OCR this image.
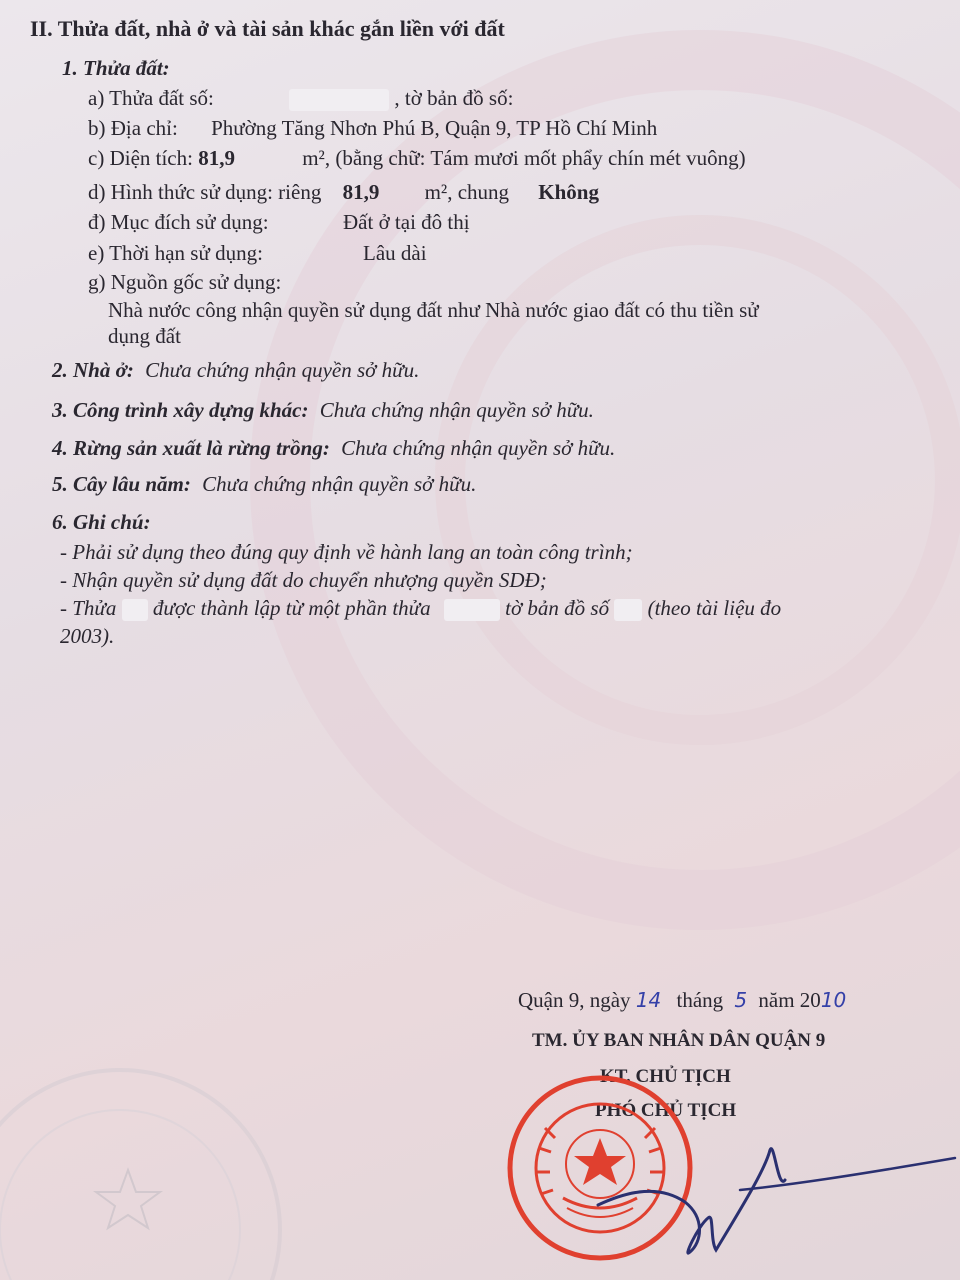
II. Thửa đất, nhà ở và tài sản khác gắn liền với đất
1. Thửa đất:
a) Thửa đất số:	, tờ bản đồ số:
b) Địa chỉ: Phường Tăng Nhơn Phú B, Quận 9, TP Hồ Chí Minh
c) Diện tích: 81,9	m², (bằng chữ: Tám mươi mốt phẩy chín mét vuông)
d) Hình thức sử dụng: riêng 81,9 m², chung Không
đ) Mục đích sử dụng:	Đất ở tại đô thị
e) Thời hạn sử dụng:	Lâu dài
g) Nguồn gốc sử dụng:
Nhà nước công nhận quyền sử dụng đất như Nhà nước giao đất có thu tiền sử
dụng đất
2. Nhà ở: Chưa chứng nhận quyền sở hữu.
3. Công trình xây dựng khác: Chưa chứng nhận quyền sở hữu.
4. Rừng sản xuất là rừng trồng: Chưa chứng nhận quyền sở hữu.
5. Cây lâu năm: Chưa chứng nhận quyền sở hữu.
6. Ghi chú:
- Phải sử dụng theo đúng quy định về hành lang an toàn công trình;
- Nhận quyền sử dụng đất do chuyển nhượng quyền SDĐ;
- Thửa được thành lập từ một phần thửa	tờ bản đồ số (theo tài liệu đo
2003).
Quận 9, ngày 14 tháng 5 năm 2010
TM. ỦY BAN NHÂN DÂN QUẬN 9
KT. CHỦ TỊCH
PHÓ CHỦ TỊCH
